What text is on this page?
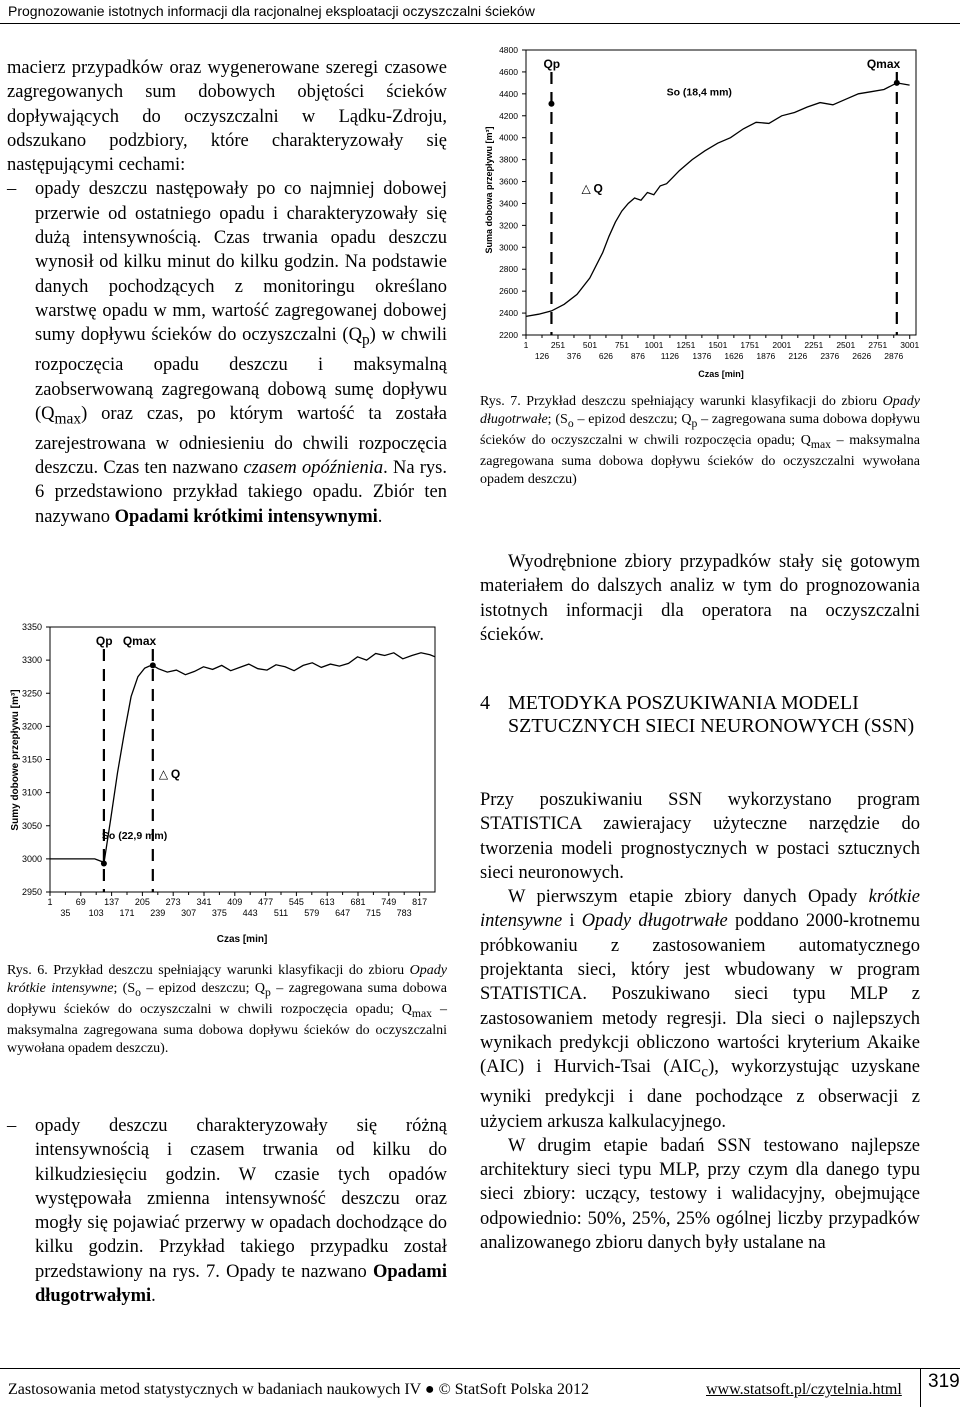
Prognozowanie istotnych informacji dla racjonalnej eksploatacji oczyszczalni ścieków

macierz przypadków oraz wygenerowane szeregi czasowe zagregowanych sum dobowych objętości ścieków dopływających do oczyszczalni w Lądku-Zdroju, odszukano podzbiory, które charakteryzowały się następującymi cechami:

–	opady deszczu następowały po co najmniej dobowej przerwie od ostatniego opadu i charakteryzowały się dużą intensywnością. Czas trwania opadu deszczu wynosił od kilku minut do kilku godzin. Na podstawie danych pochodzących z monitoringu określano warstwę opadu w mm, wartość zagregowanej dobowej sumy dopływu ścieków do oczyszczalni $(Q_p)$ w chwili rozpoczęcia opadu deszczu i maksymalną zaobserwowaną zagregowaną dobową sumę dopływu $(Q_{max})$ oraz czas, po którym wartość ta została zarejestrowana w odniesieniu do chwili rozpoczęcia deszczu. Czas ten nazwano czasem opóźnienia. Na rys. 6 przedstawiono przykład takiego opadu. Zbiór ten nazywano Opadami krótkimi intensywnymi.
2950
3000
3050
3100
3150
3200
3250
3300
3350
1	69 137 205 273 341 409 477 545 613 681 749 817
35 103 171 239 307 375 443 511 579 647 715 783
Sumy dobowe przepływu [m³]
Czas [min]
Qp Qmax
△ Q
So (22,9 mm)
Rys. 6. Przykład deszczu spełniający warunki klasyfikacji do zbioru Opady krótkie intensywne; ($S_o$ – epizod deszczu; $Q_p$ – zagregowana suma dobowa dopływu ścieków do oczyszczalni w chwili rozpoczęcia opadu; $Q_{max}$ – maksymalna zagregowana suma dobowa dopływu ścieków do oczyszczalni wywołana opadem deszczu).
–	opady deszczu charakteryzowały się różną intensywnością i czasem trwania od kilku do kilkudziesięciu godzin. W czasie tych opadów występowała zmienna intensywność deszczu oraz mogły się pojawiać przerwy w opadach dochodzące do kilku godzin. Przykład takiego przypadku został przedstawiony na rys. 7. Opady te nazwano Opadami długotrwałymi.
2200
2400
2600
2800
3000
3200
3400
3600
3800
4000
4200
4400
4600
4800
1	251 501 751 1001 1251 1501 1751 2001 2251 2501 2751 3001
126 376 626 876 1126 1376 1626 1876 2126 2376 2626 2876
Suma dobowa przepływu [m³]
Czas [min]
Qp	Qmax
△ Q
So (18,4 mm)
Rys. 7. Przykład deszczu spełniający warunki klasyfikacji do zbioru Opady długotrwałe; ($S_o$ – epizod deszczu; $Q_p$ – zagregowana suma dobowa dopływu ścieków do oczyszczalni w chwili rozpoczęcia opadu; $Q_{max}$ – maksymalna zagregowana suma dobowa dopływu ścieków do oczyszczalni wywołana opadem deszczu)
Wyodrębnione zbiory przypadków stały się gotowym materiałem do dalszych analiz w tym do prognozowania istotnych informacji dla operatora na oczyszczalni ścieków.
4 METODYKA POSZUKIWANIA MODELI SZTUCZNYCH SIECI NEURONOWYCH (SSN)

Przy poszukiwaniu SSN wykorzystano program STATISTICA zawierajacy użyteczne narzędzie do tworzenia modeli prognostycznych w postaci sztucznych sieci neuronowych.

W pierwszym etapie zbiory danych Opady krótkie intensywne i Opady długotrwałe poddano 2000-krotnemu próbkowaniu z zastosowaniem automatycznego projektanta sieci, który jest wbudowany w program STATISTICA. Poszukiwano sieci typu MLP z zastosowaniem metody regresji. Dla sieci o najlepszych wynikach predykcji obliczono wartości kryterium Akaike (AIC) i Hurvich-Tsai $(AIC_c)$, wykorzystując uzyskane wyniki predykcji i dane pochodzące z obserwacji z użyciem arkusza kalkulacyjnego.

W drugim etapie badań SSN testowano najlepsze architektury sieci typu MLP, przy czym dla danego typu sieci zbiory: uczący, testowy i walidacyjny, obejmujące odpowiednio: 50%, 25%, 25% ogólnej liczby przypadków analizowanego zbioru danych były ustalane na

Zastosowania metod statystycznych w badaniach naukowych IV ● © StatSoft Polska 2012	www.statsoft.pl/czytelnia.html 319
